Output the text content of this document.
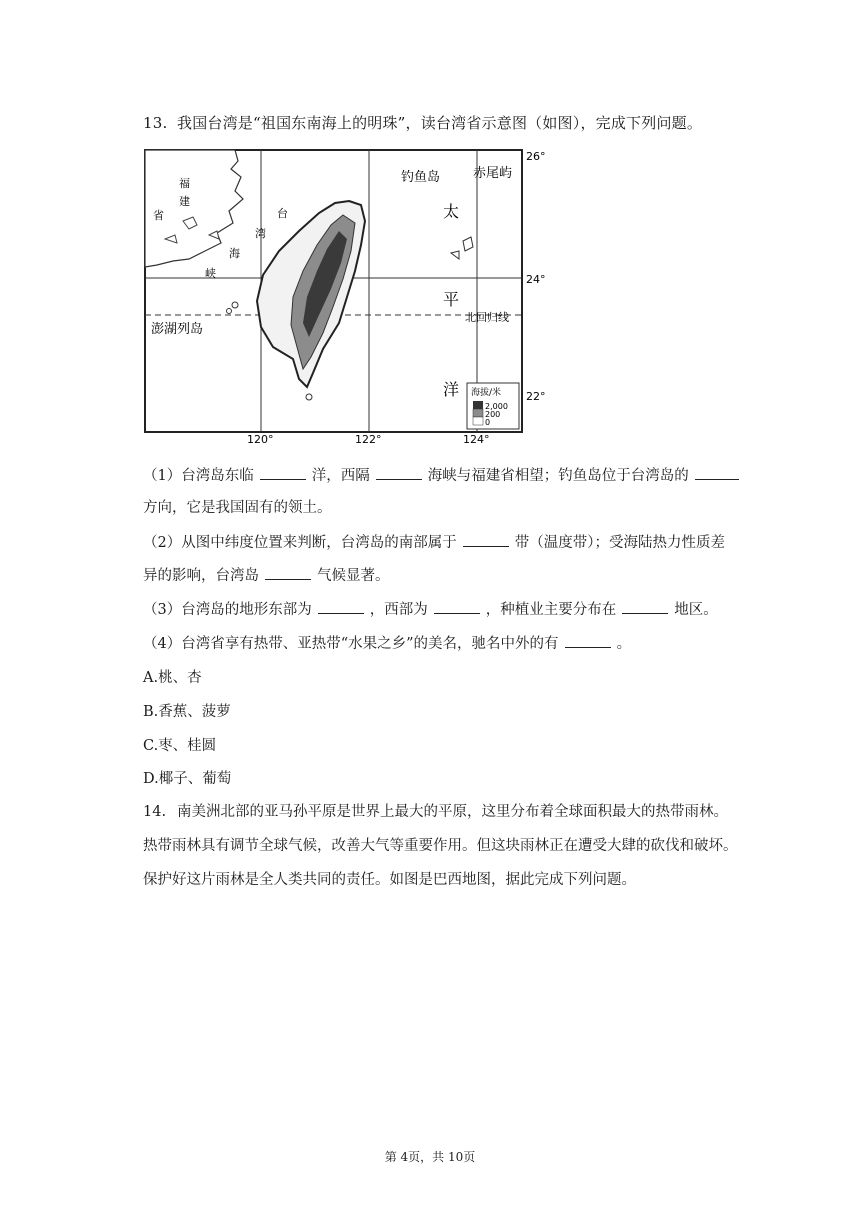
13. 我国台湾是“祖国东南海上的明珠”，读台湾省示意图（如图），完成下列问题。
26°
24°
22°
120°	122°	124°
钓鱼岛	赤尾屿
澎湖列岛
北回归线
太
平
洋
台
湾
海
峡
福
建
省
海拔/米
2,000
200
0
（1）台湾岛东临	洋，西隔	海峡与福建省相望；钓鱼岛位于台湾岛的
方向，它是我国固有的领土。
（2）从图中纬度位置来判断，台湾岛的南部属于	带（温度带）；受海陆热力性质差
异的影响，台湾岛	气候显著。
（3）台湾岛的地形东部为	，西部为	，种植业主要分布在	地区。
（4）台湾省享有热带、亚热带“水果之乡”的美名，驰名中外的有	。
A.桃、杏
B.香蕉、菠萝
C.枣、桂圆
D.椰子、葡萄
14. 南美洲北部的亚马孙平原是世界上最大的平原，这里分布着全球面积最大的热带雨林。
热带雨林具有调节全球气候，改善大气等重要作用。但这块雨林正在遭受大肆的砍伐和破坏。
保护好这片雨林是全人类共同的责任。如图是巴西地图，据此完成下列问题。
第 4页，共 10页
